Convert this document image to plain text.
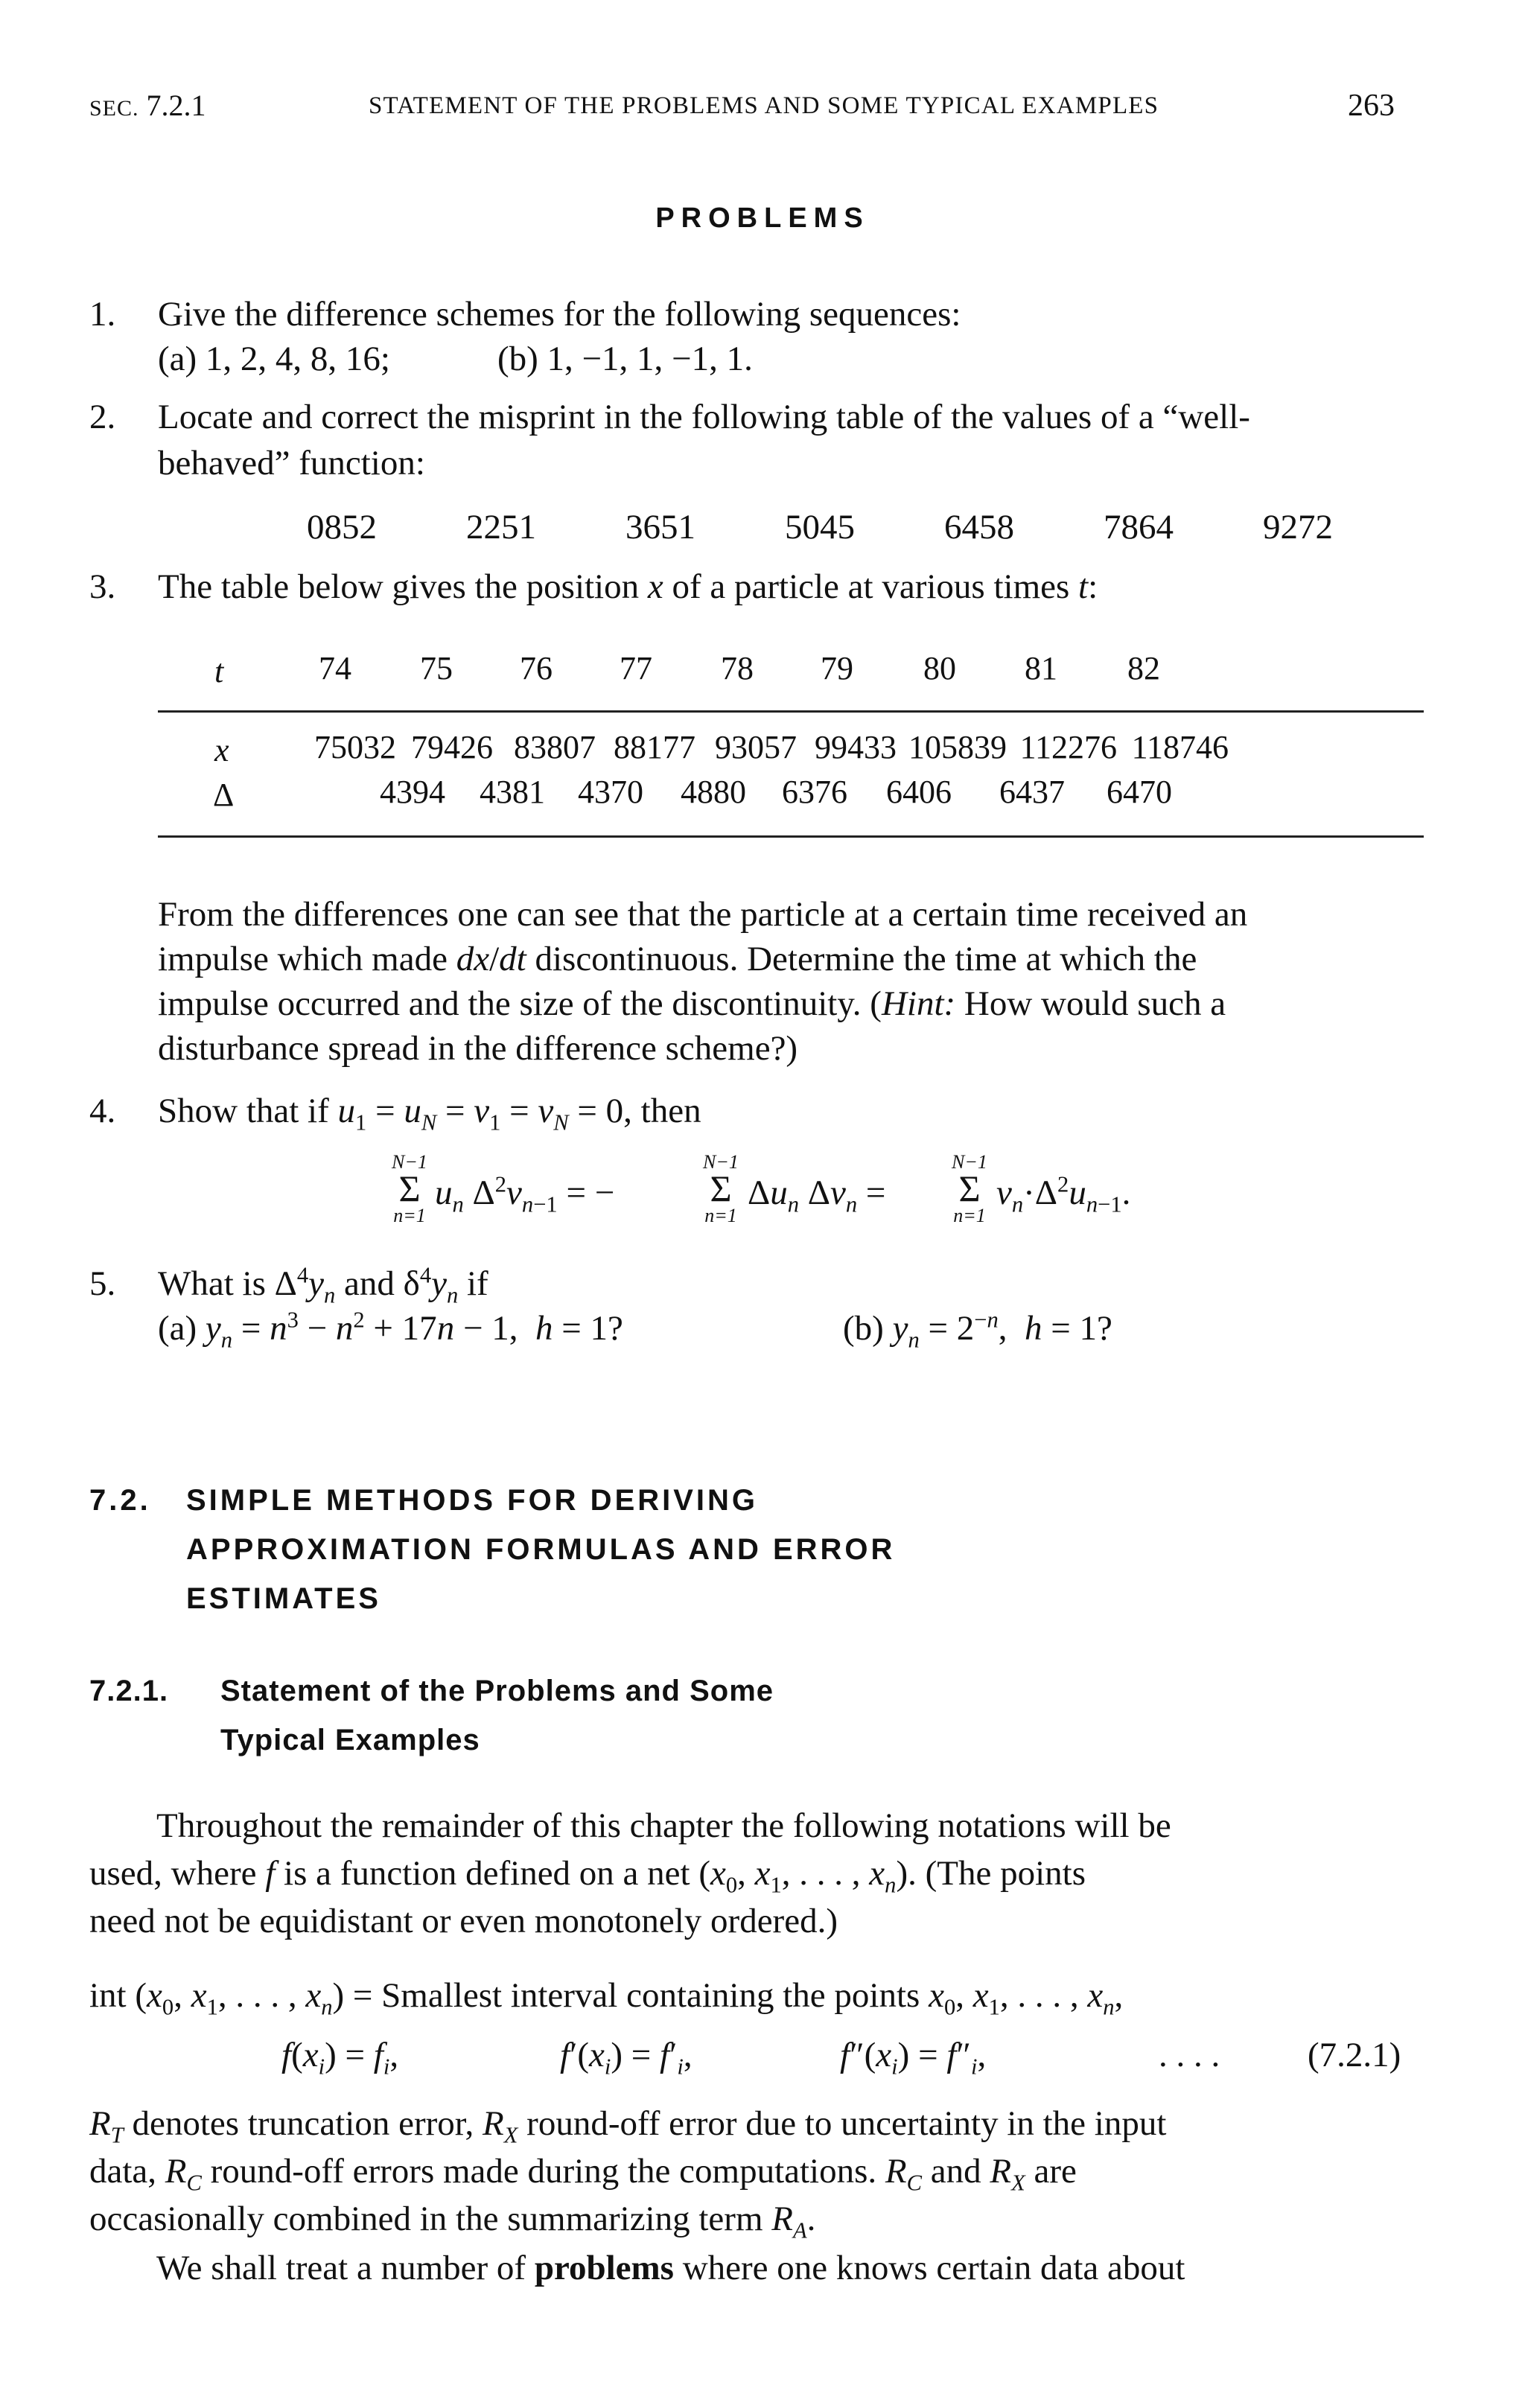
SEC. 7.2.1	STATEMENT OF THE PROBLEMS AND SOME TYPICAL EXAMPLES	263
PROBLEMS
1. Give the difference schemes for the following sequences:
(a) 1, 2, 4, 8, 16;	(b) 1, −1, 1, −1, 1.
2. Locate and correct the misprint in the following table of the values of a “well-
behaved” function:
0852	2251	3651	5045	6458	7864	9272
3. The table below gives the position x of a particle at various times t:
t	74	75	76	77	78	79	80	81	82
x	75032 79426 83807 88177 93057 99433 105839 112276 118746
Δ	4394	4381	4370	4880	6376	6406	6437	6470
From the differences one can see that the particle at a certain time received an
impulse which made dx/dt discontinuous. Determine the time at which the
impulse occurred and the size of the discontinuity. (Hint: How would such a
disturbance spread in the difference scheme?)
4. Show that if $u_1 = u_N = v_1 = v_N = 0$, then
N−1
Σ
n=1
$u_n$ $\Delta^2v_{n-1}$ = −
N−1
Σ
n=1
$\Delta u_n$ $\Delta v_n$ =
N−1
Σ
n=1
$v_n\cdot\Delta^2u_{n-1}$.
5. What is $\Delta^4y_n$ and $\delta^4y_n$ if
(a) $y_n = n^3 - n^2 + 17n - 1$,  h = 1?	(b) $y_n = 2^{-n}$,  h = 1?
7.2. SIMPLE METHODS FOR DERIVING
APPROXIMATION FORMULAS AND ERROR
ESTIMATES
7.2.1. Statement of the Problems and Some
Typical Examples
Throughout the remainder of this chapter the following notations will be
used, where f is a function defined on a net ($x_0$, $x_1$, . . . , $x_n$). (The points
need not be equidistant or even monotonely ordered.)
int ($x_0$, $x_1$, . . . , $x_n$) = Smallest interval containing the points $x_0$, $x_1$, . . . , $x_n$,
$f(x_i) = f_i$,	$f'(x_i) = f'_i$,	$f''(x_i) = f''_i$,	. . . .	(7.2.1)
$R_T$ denotes truncation error, $R_X$ round-off error due to uncertainty in the input
data, $R_C$ round-off errors made during the computations. $R_C$ and $R_X$ are
occasionally combined in the summarizing term $R_A$.
We shall treat a number of problems where one knows certain data about
